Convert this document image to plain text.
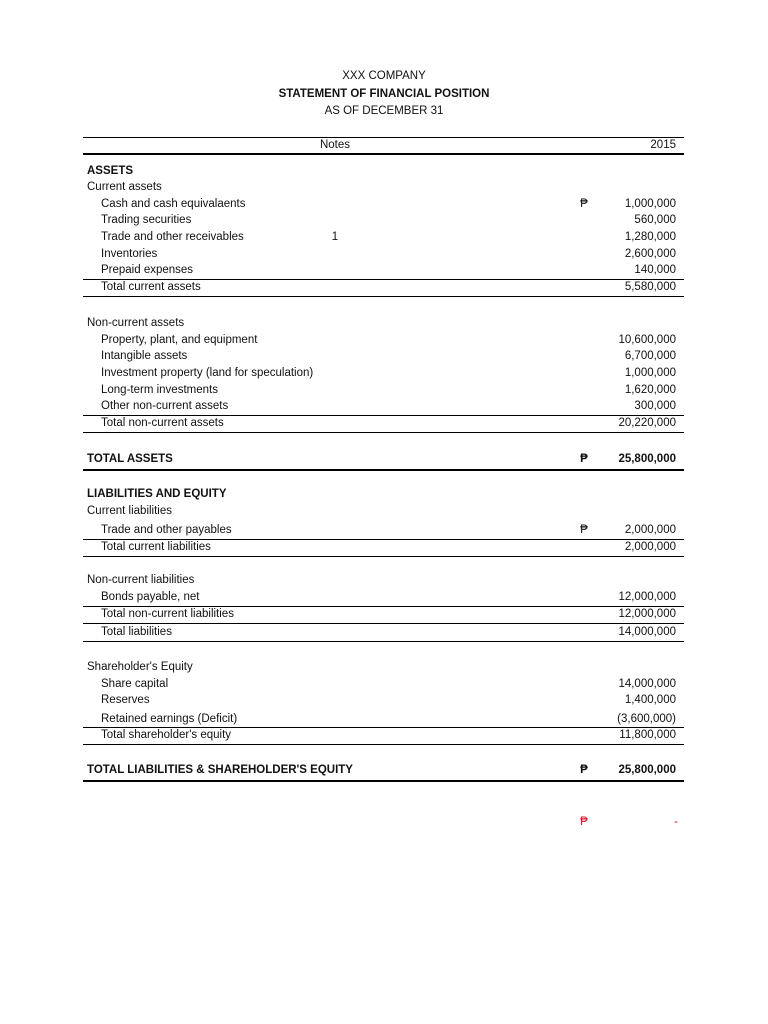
XXX COMPANY
STATEMENT OF FINANCIAL POSITION
AS OF DECEMBER 31
Notes	2015
ASSETS
Current assets
Cash and cash equivalaents	₱	1,000,000
Trading securities	560,000
Trade and other receivables	1	1,280,000
Inventories	2,600,000
Prepaid expenses	140,000
Total current assets	5,580,000
Non-current assets
Property, plant, and equipment	10,600,000
Intangible assets	6,700,000
Investment property (land for speculation)	1,000,000
Long-term investments	1,620,000
Other non-current assets	300,000
Total non-current assets	20,220,000
TOTAL ASSETS	₱	25,800,000
LIABILITIES AND EQUITY
Current liabilities
Trade and other payables	₱	2,000,000
Total current liabilities	2,000,000
Non-current liabilities
Bonds payable, net	12,000,000
Total non-current liabilities	12,000,000
Total liabilities	14,000,000
Shareholder's Equity
Share capital	14,000,000
Reserves	1,400,000
Retained earnings (Deficit)	(3,600,000)
Total shareholder's equity	11,800,000
TOTAL LIABILITIES & SHAREHOLDER'S EQUITY	₱	25,800,000
₱	-
